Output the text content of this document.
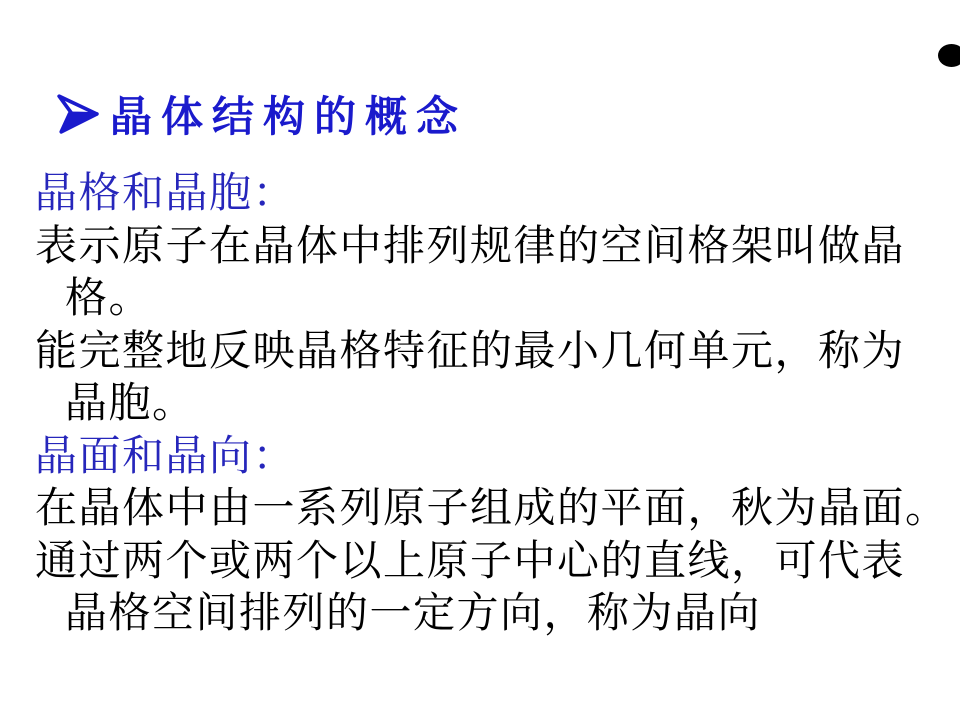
晶体结构的概念
晶格和晶胞：
表示原子在晶体中排列规律的空间格架叫做晶
格。
能完整地反映晶格特征的最小几何单元，称为
晶胞。
晶面和晶向：
在晶体中由一系列原子组成的平面，秋为晶面。
通过两个或两个以上原子中心的直线，可代表
晶格空间排列的一定方向，称为晶向
